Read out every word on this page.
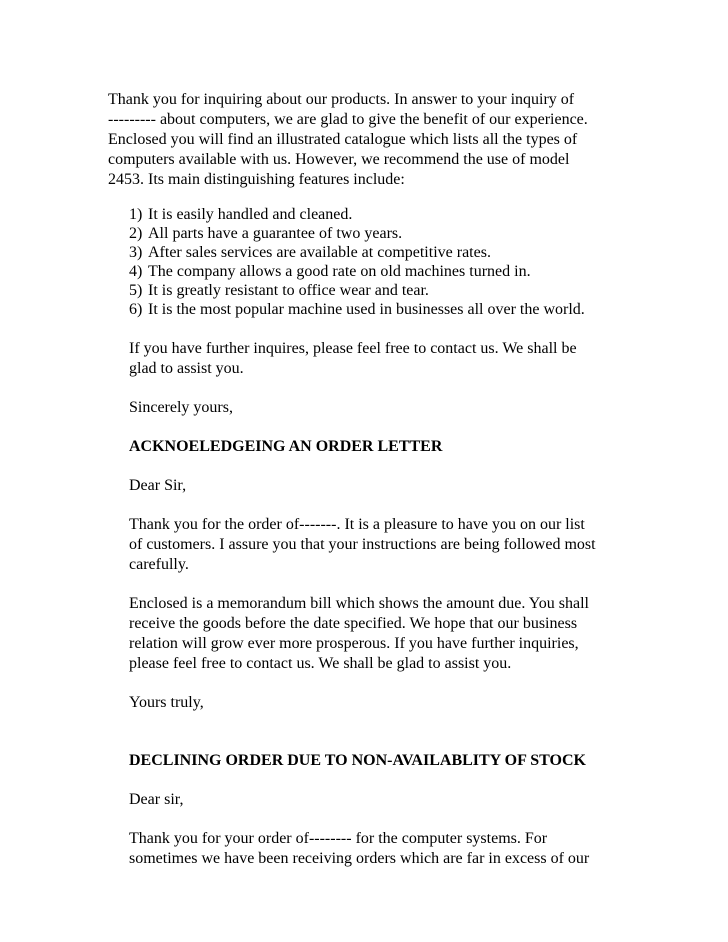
Thank you for inquiring about our products. In answer to your inquiry of
--------- about computers, we are glad to give the benefit of our experience.
Enclosed you will find an illustrated catalogue which lists all the types of
computers available with us. However, we recommend the use of model
2453. Its main distinguishing features include:
1) It is easily handled and cleaned.
2) All parts have a guarantee of two years.
3) After sales services are available at competitive rates.
4) The company allows a good rate on old machines turned in.
5) It is greatly resistant to office wear and tear.
6) It is the most popular machine used in businesses all over the world.
If you have further inquires, please feel free to contact us. We shall be
glad to assist you.
Sincerely yours,
ACKNOELEDGEING AN ORDER LETTER
Dear Sir,
Thank you for the order of-------. It is a pleasure to have you on our list
of customers. I assure you that your instructions are being followed most
carefully.
Enclosed is a memorandum bill which shows the amount due. You shall
receive the goods before the date specified. We hope that our business
relation will grow ever more prosperous. If you have further inquiries,
please feel free to contact us. We shall be glad to assist you.
Yours truly,
DECLINING ORDER DUE TO NON-AVAILABLITY OF STOCK
Dear sir,
Thank you for your order of-------- for the computer systems. For
sometimes we have been receiving orders which are far in excess of our
